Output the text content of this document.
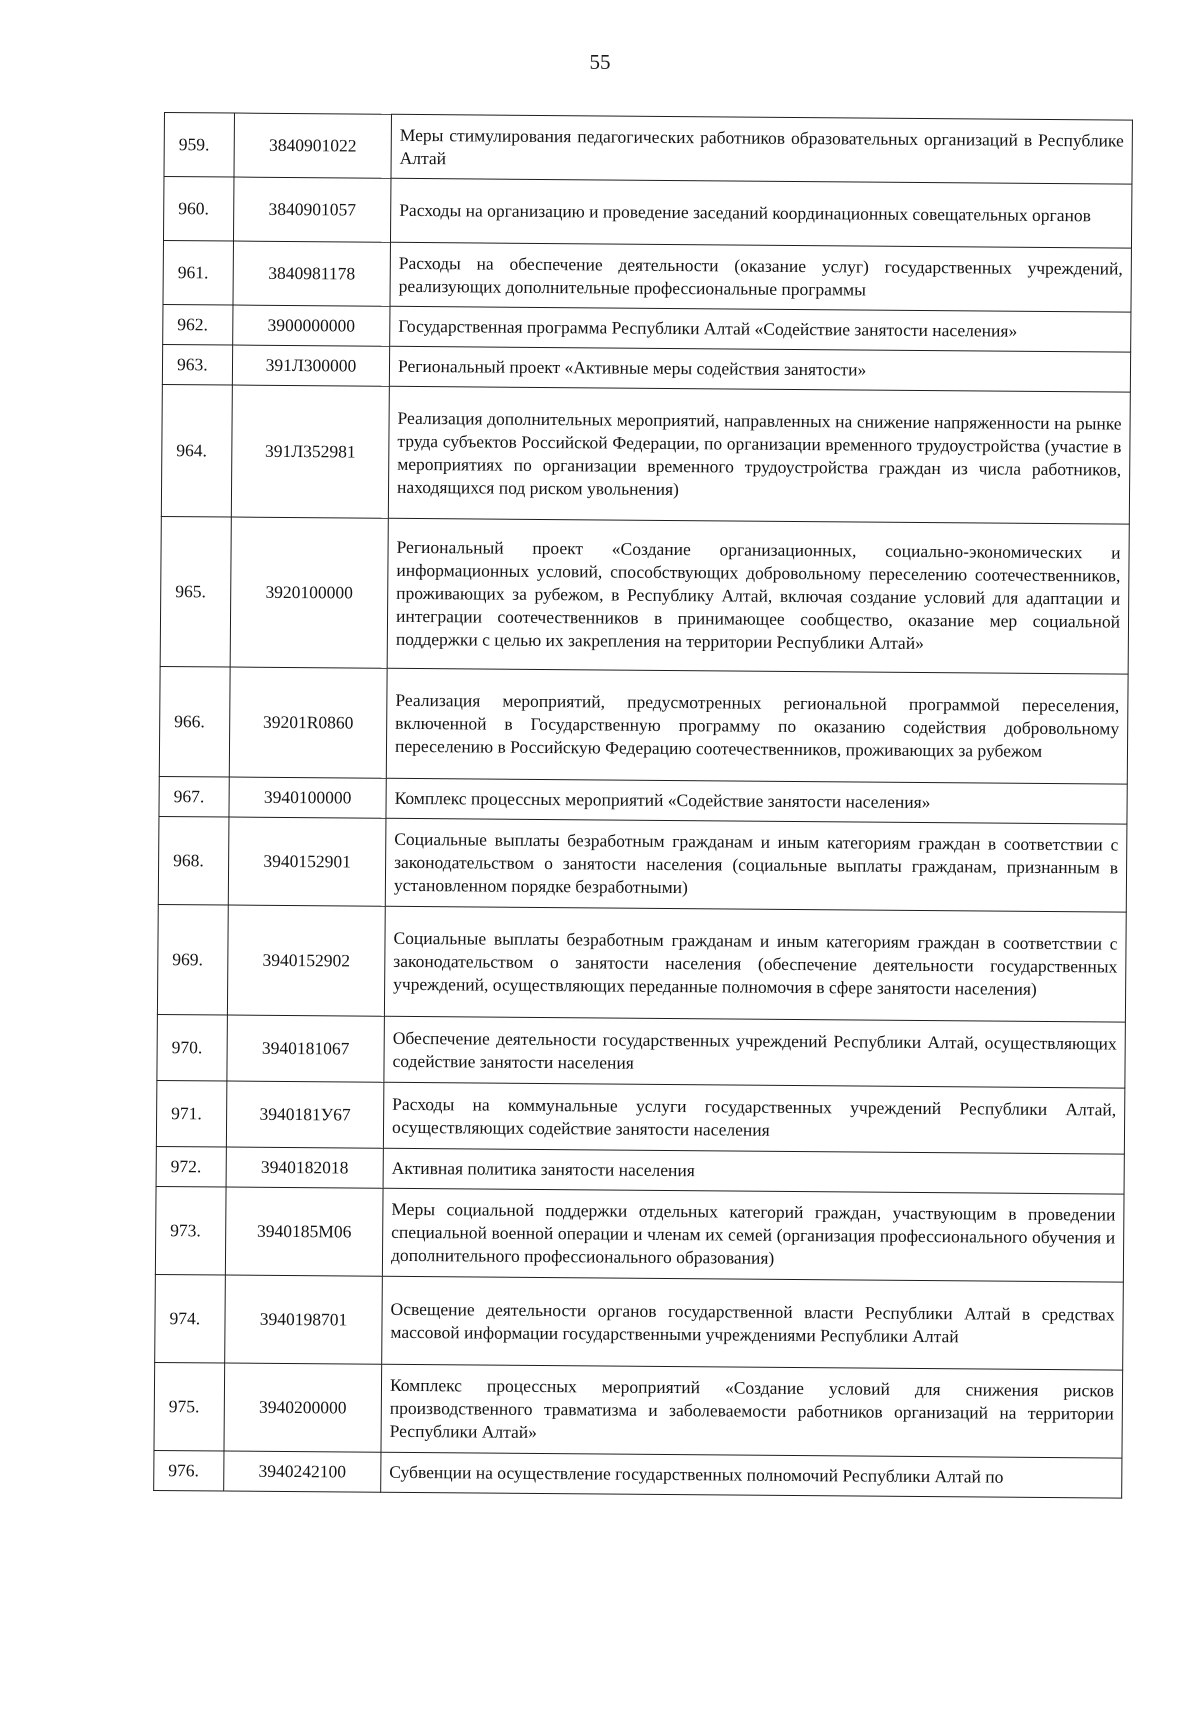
55
959.	3840901022	Меры стимулирования педагогических работников образовательных организаций в Республике Алтай
960.	3840901057	Расходы на организацию и проведение заседаний координационных совещательных органов
961.	3840981178	Расходы на обеспечение деятельности (оказание услуг) государственных учреждений, реализующих дополнительные профессиональные программы
962.	3900000000	Государственная программа Республики Алтай «Содействие занятости населения»
963.	391Л300000	Региональный проект «Активные меры содействия занятости»
964.	391Л352981	Реализация дополнительных мероприятий, направленных на снижение напряженности на рынке труда субъектов Российской Федерации, по организации временного трудоустройства (участие в мероприятиях по организации временного трудоустройства граждан из числа работников, находящихся под риском увольнения)
965.	3920100000	Региональный проект «Создание организационных, социально-экономических и информационных условий, способствующих добровольному переселению соотечественников, проживающих за рубежом, в Республику Алтай, включая создание условий для адаптации и интеграции соотечественников в принимающее сообщество, оказание мер социальной поддержки с целью их закрепления на территории Республики Алтай»
966.	39201R0860	Реализация мероприятий, предусмотренных региональной программой переселения, включенной в Государственную программу по оказанию содействия добровольному переселению в Российскую Федерацию соотечественников, проживающих за рубежом
967.	3940100000	Комплекс процессных мероприятий «Содействие занятости населения»
968.	3940152901	Социальные выплаты безработным гражданам и иным категориям граждан в соответствии с законодательством о занятости населения (социальные выплаты гражданам, признанным в установленном порядке безработными)
969.	3940152902	Социальные выплаты безработным гражданам и иным категориям граждан в соответствии с законодательством о занятости населения (обеспечение деятельности государственных учреждений, осуществляющих переданные полномочия в сфере занятости населения)
970.	3940181067	Обеспечение деятельности государственных учреждений Республики Алтай, осуществляющих содействие занятости населения
971.	3940181У67	Расходы на коммунальные услуги государственных учреждений Республики Алтай, осуществляющих содействие занятости населения
972.	3940182018	Активная политика занятости населения
973.	3940185М06	Меры социальной поддержки отдельных категорий граждан, участвующим в проведении специальной военной операции и членам их семей (организация профессионального обучения и дополнительного профессионального образования)
974.	3940198701	Освещение деятельности органов государственной власти Республики Алтай в средствах массовой информации государственными учреждениями Республики Алтай
975.	3940200000	Комплекс процессных мероприятий «Создание условий для снижения рисков производственного травматизма и заболеваемости работников организаций на территории Республики Алтай»
976.	3940242100	Субвенции на осуществление государственных полномочий Республики Алтай по
